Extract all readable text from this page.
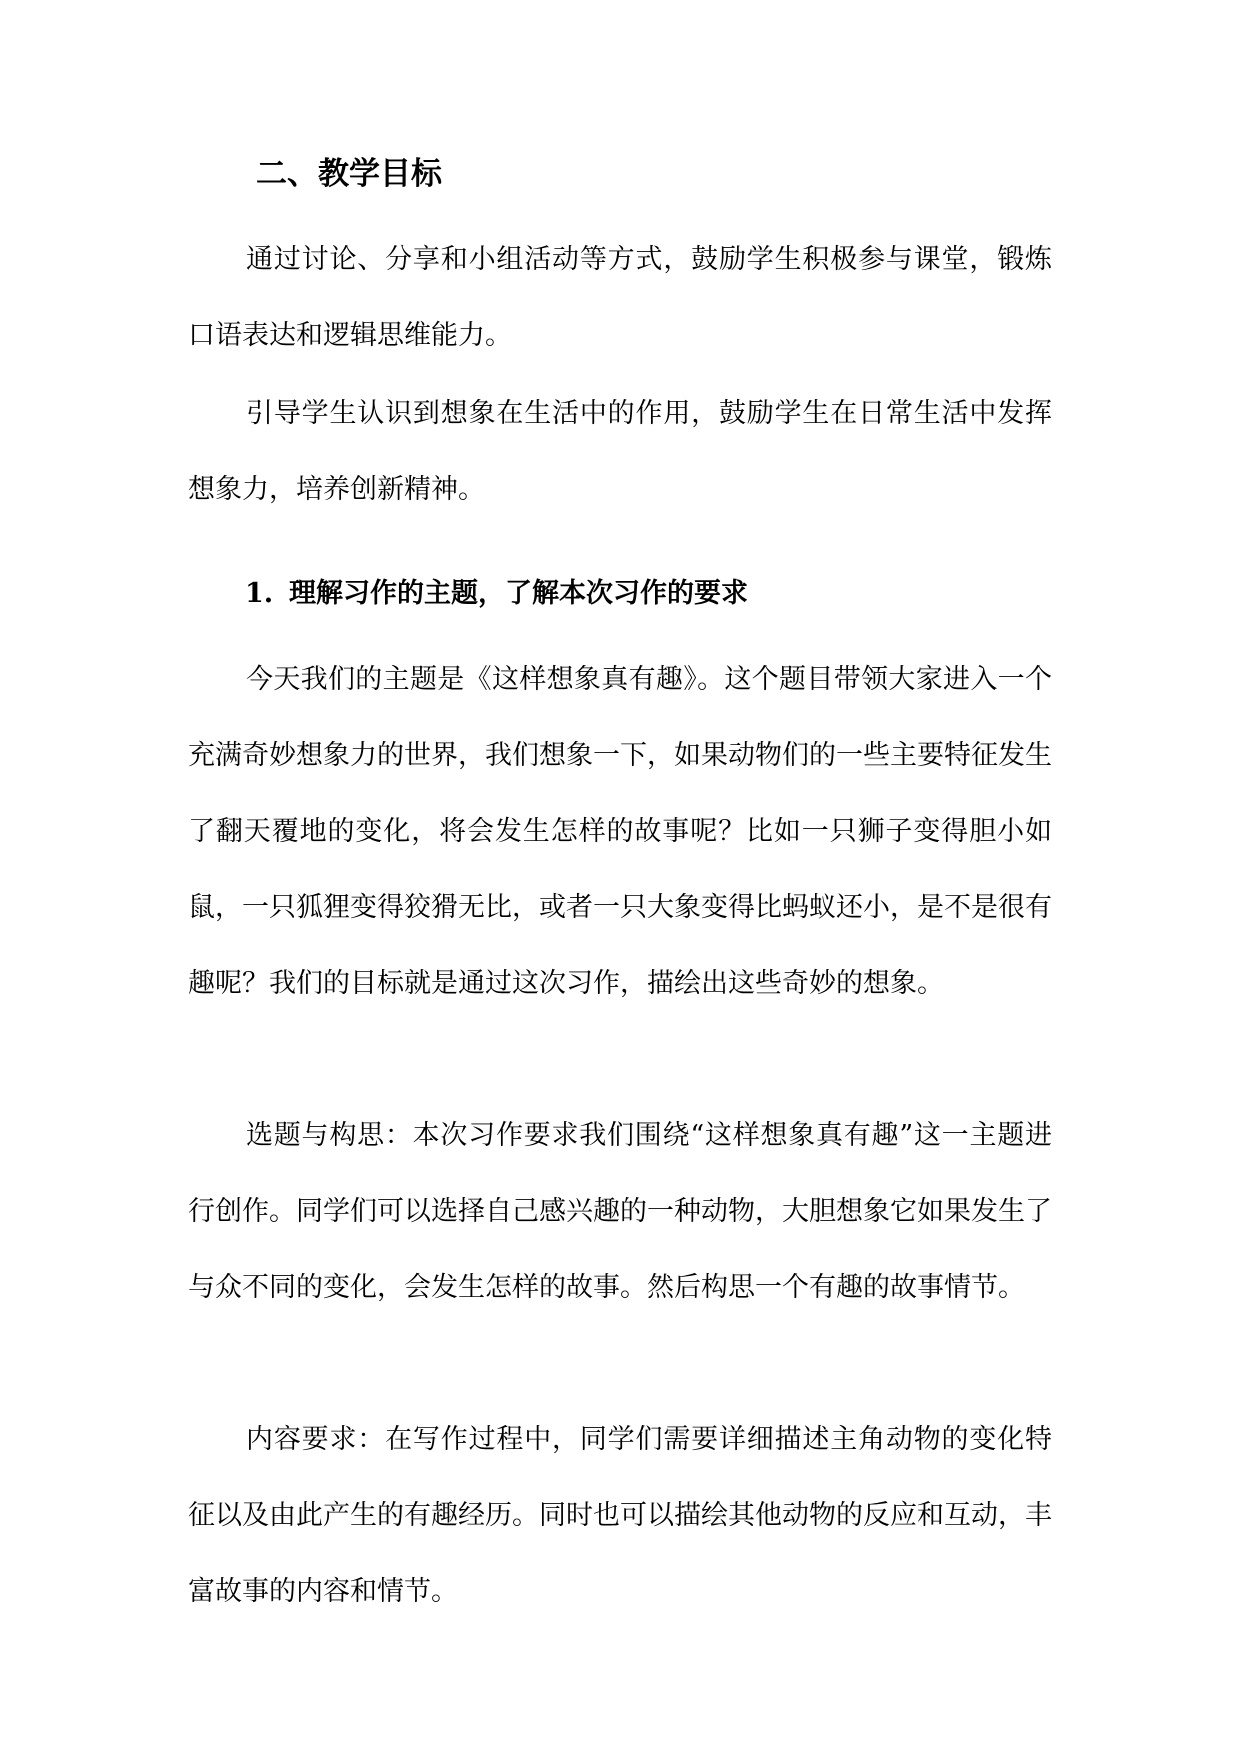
二、教学目标

通过讨论、分享和小组活动等方式，鼓励学生积极参与课堂，锻炼口语表达和逻辑思维能力。

引导学生认识到想象在生活中的作用，鼓励学生在日常生活中发挥想象力，培养创新精神。

1. 理解习作的主题，了解本次习作的要求

今天我们的主题是《这样想象真有趣》。这个题目带领大家进入一个充满奇妙想象力的世界，我们想象一下，如果动物们的一些主要特征发生了翻天覆地的变化，将会发生怎样的故事呢？比如一只狮子变得胆小如鼠，一只狐狸变得狡猾无比，或者一只大象变得比蚂蚁还小，是不是很有趣呢？我们的目标就是通过这次习作，描绘出这些奇妙的想象。

选题与构思：本次习作要求我们围绕“这样想象真有趣”这一主题进行创作。同学们可以选择自己感兴趣的一种动物，大胆想象它如果发生了与众不同的变化，会发生怎样的故事。然后构思一个有趣的故事情节。

内容要求：在写作过程中，同学们需要详细描述主角动物的变化特征以及由此产生的有趣经历。同时也可以描绘其他动物的反应和互动，丰富故事的内容和情节。
